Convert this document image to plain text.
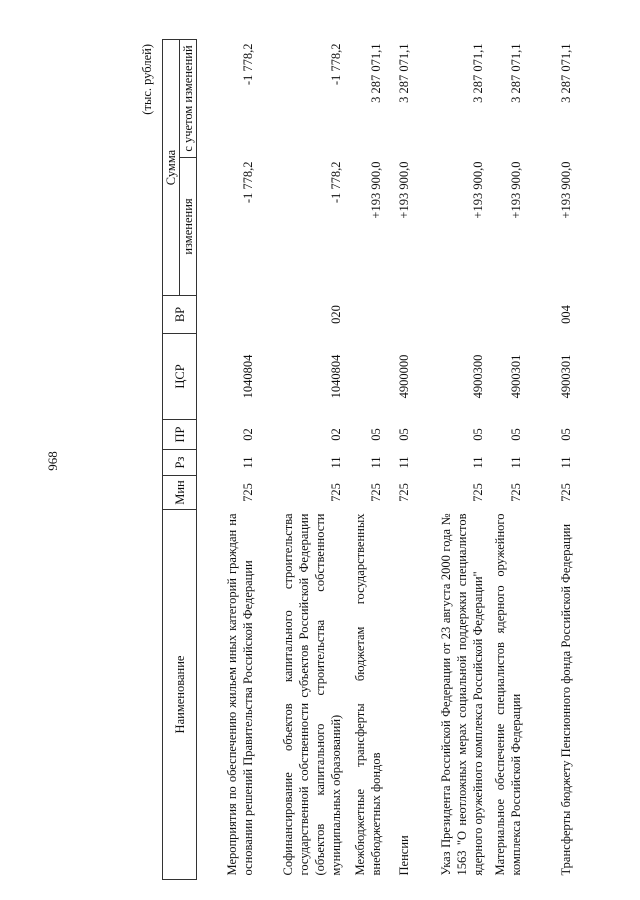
968
(тыс. рублей)
Наименование	Мин	Рз	ПР	ЦСР	ВР	Сумма	
						изменения	с учетом изменений
Мероприятия по обеспечению жильем иных категорий граждан на основании решений Правительства Российской Федерации	725	11	02	1040804		-1 778,2	-1 778,2
Софинансирование объектов капитального строительства государственной собственности субъектов Российской Федерации (объектов капитального строительства собственности муниципальных образований)	725	11	02	1040804	020	-1 778,2	-1 778,2
Межбюджетные трансферты бюджетам государственных внебюджетных фондов	725	11	05			+193 900,0	3 287 071,1
Пенсии	725	11	05	4900000		+193 900,0	3 287 071,1
Указ Президента Российской Федерации от 23 августа 2000 года № 1563 "О неотложных мерах социальной поддержки специалистов ядерного оружейного комплекса Российской Федерации"	725	11	05	4900300		+193 900,0	3 287 071,1
Материальное обеспечение специалистов ядерного оружейного комплекса Российской Федерации	725	11	05	4900301		+193 900,0	3 287 071,1
Трансферты бюджету Пенсионного фонда Российской Федерации	725	11	05	4900301	004	+193 900,0	3 287 071,1
